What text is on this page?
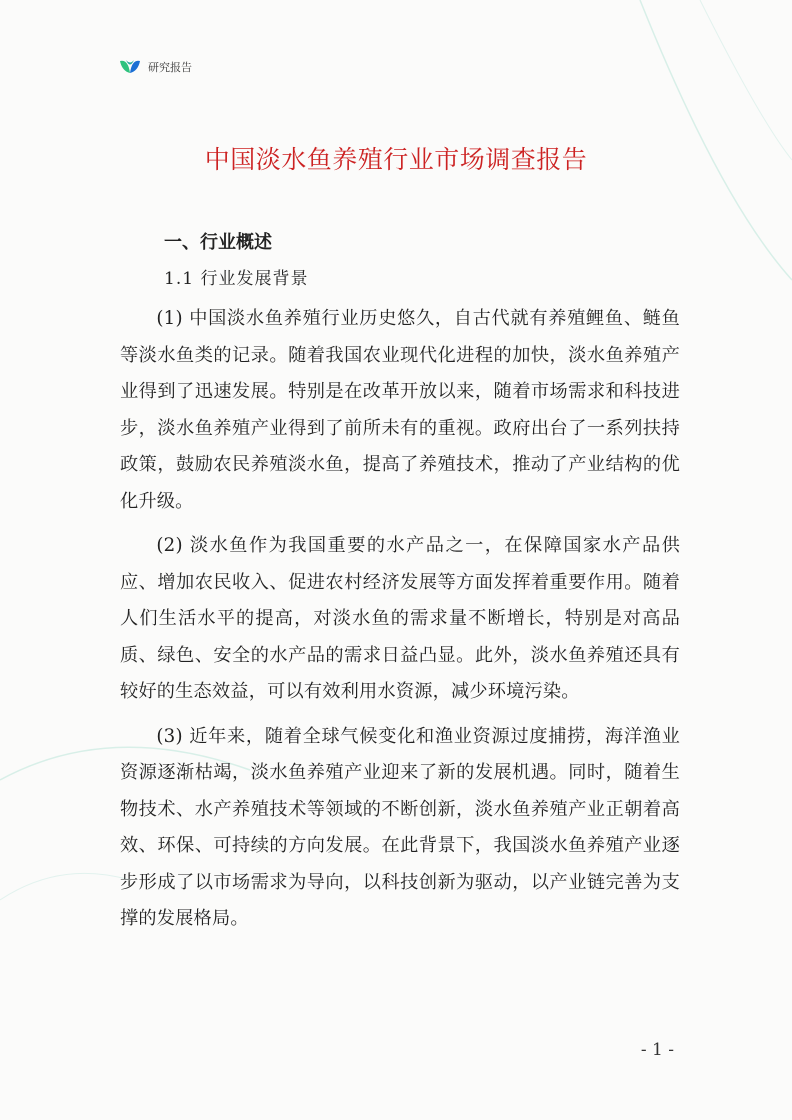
研究报告
中国淡水鱼养殖行业市场调查报告
一、行业概述
1.1 行业发展背景

(1) 中国淡水鱼养殖行业历史悠久，自古代就有养殖鲤鱼、鲢鱼等淡水鱼类的记录。随着我国农业现代化进程的加快，淡水鱼养殖产业得到了迅速发展。特别是在改革开放以来，随着市场需求和科技进步，淡水鱼养殖产业得到了前所未有的重视。政府出台了一系列扶持政策，鼓励农民养殖淡水鱼，提高了养殖技术，推动了产业结构的优化升级。

(2) 淡水鱼作为我国重要的水产品之一，在保障国家水产品供应、增加农民收入、促进农村经济发展等方面发挥着重要作用。随着人们生活水平的提高，对淡水鱼的需求量不断增长，特别是对高品质、绿色、安全的水产品的需求日益凸显。此外，淡水鱼养殖还具有较好的生态效益，可以有效利用水资源，减少环境污染。

(3) 近年来，随着全球气候变化和渔业资源过度捕捞，海洋渔业资源逐渐枯竭，淡水鱼养殖产业迎来了新的发展机遇。同时，随着生物技术、水产养殖技术等领域的不断创新，淡水鱼养殖产业正朝着高效、环保、可持续的方向发展。在此背景下，我国淡水鱼养殖产业逐步形成了以市场需求为导向，以科技创新为驱动，以产业链完善为支撑的发展格局。

- 1 -
